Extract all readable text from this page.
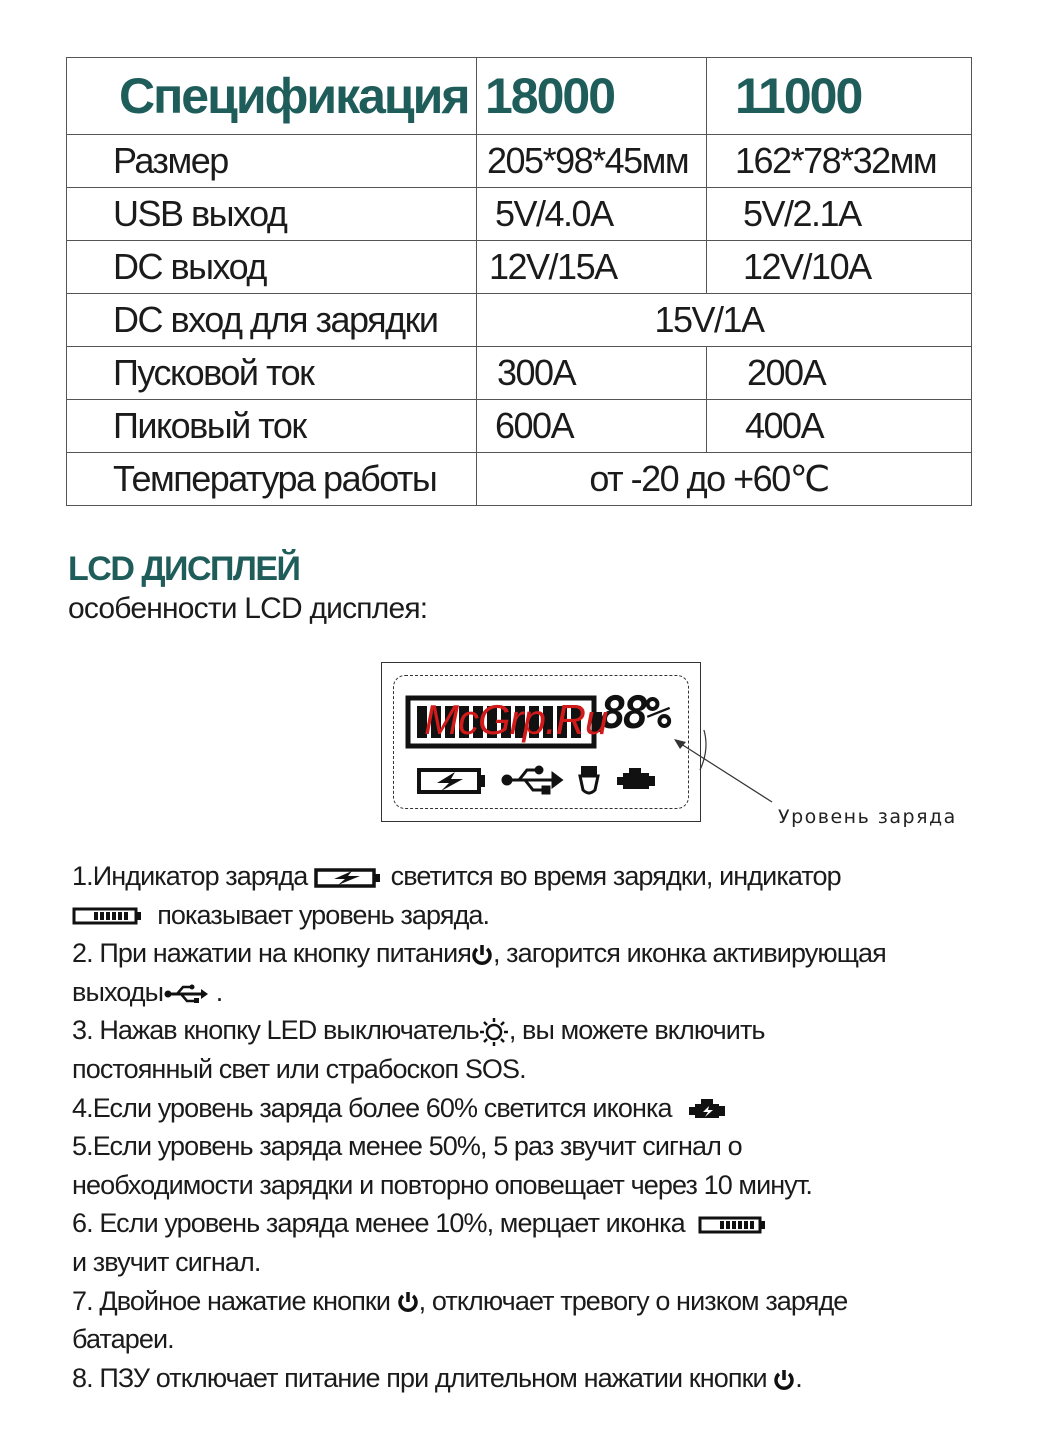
Спецификация	18000	11000
Размер	205*98*45мм	162*78*32мм
USB выход	5V/4.0A	5V/2.1A
DC выход	12V/15A	12V/10A
DC вход для зарядки	15V/1A	
Пусковой ток	300A	200A
Пиковый ток	600A	400A
Температура работы	от -20 до +60℃	
LCD ДИСПЛЕЙ

особенности LCD дисплея:

88%
McGrp.Ru
Уровень заряда
1.Индикатор заряда	светится во время зарядки, индикатор
показывает уровень заряда.
2. При нажатии на кнопку питания , загорится иконка активирующая
выходы .
3. Нажав кнопку LED выключатель , вы можете включить
постоянный свет или страбоскоп SOS.
4.Если уровень заряда более 60% светится иконка
5.Если уровень заряда менее 50%, 5 раз звучит сигнал о
необходимости зарядки и повторно оповещает через 10 минут.
6. Если уровень заряда менее 10%, мерцает иконка
и звучит сигнал.
7. Двойное нажатие кнопки , отключает тревогу о низком заряде
батареи.
8. ПЗУ отключает питание при длительном нажатии кнопки .
